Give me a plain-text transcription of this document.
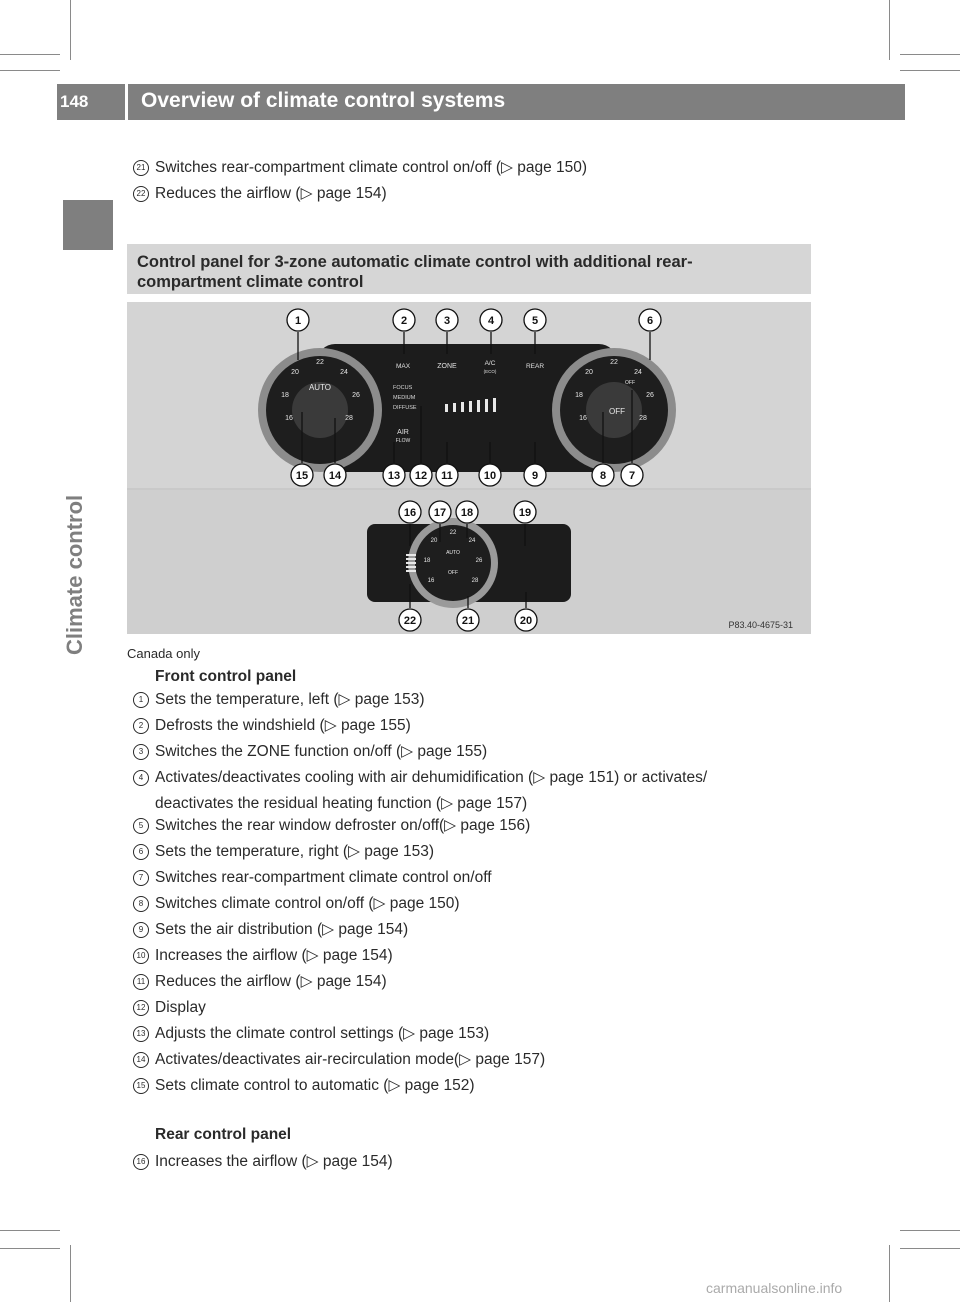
148	Overview of climate control systems
Climate control
21 Switches rear-compartment climate control on/off (▷ page 150)
22 Reduces the airflow (▷ page 154)
Control panel for 3-zone automatic climate control with additional rear-
compartment climate control
22
24
20
26
18
28
16
AUTO
22
24
20
26
18
28
16
OFF
OFF
MAX	ZONE	A/C
(ECO)
REAR
FOCUS
MEDIUM
DIFFUSE
AIR
FLOW
22
24
20
26
18
28
16
AUTO
OFF
P83.40-4675-31
1	2	3	4	5	6
15 14	13 12 11	10	9	8 7
16 17 18	19
22	21	20
Canada only
Front control panel
1 Sets the temperature, left (▷ page 153)
2 Defrosts the windshield (▷ page 155)
3 Switches the ZONE function on/off (▷ page 155)
4 Activates/deactivates cooling with air dehumidification (▷ page 151) or activates/
deactivates the residual heating function (▷ page 157)
5 Switches the rear window defroster on/off(▷ page 156)
6 Sets the temperature, right (▷ page 153)
7 Switches rear-compartment climate control on/off
8 Switches climate control on/off (▷ page 150)
9 Sets the air distribution (▷ page 154)
10 Increases the airflow (▷ page 154)
11 Reduces the airflow (▷ page 154)
12 Display
13 Adjusts the climate control settings (▷ page 153)
14 Activates/deactivates air-recirculation mode(▷ page 157)
15 Sets climate control to automatic (▷ page 152)
Rear control panel
16 Increases the airflow (▷ page 154)
carmanualsonline.info
